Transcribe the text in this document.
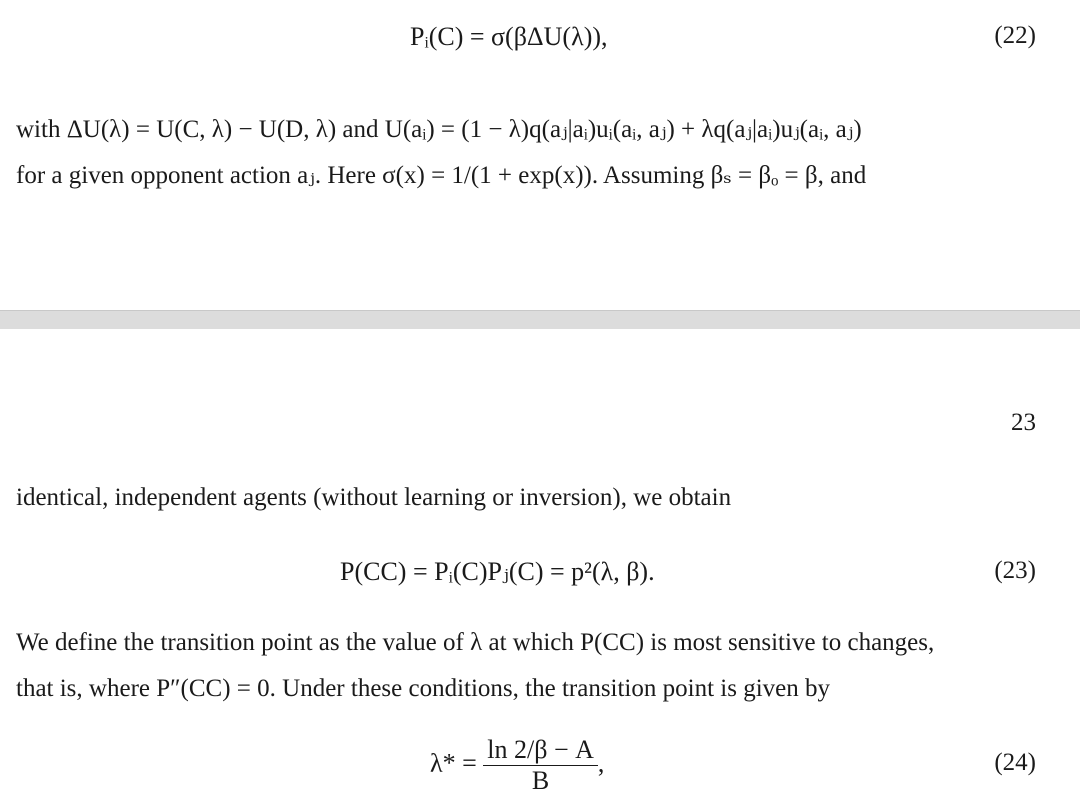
Pᵢ(C) = σ(βΔU(λ)),	(22)
with ΔU(λ) = U(C, λ) − U(D, λ) and U(aᵢ) = (1 − λ)q(aⱼ|aᵢ)uᵢ(aᵢ, aⱼ) + λq(aⱼ|aᵢ)uⱼ(aᵢ, aⱼ)
for a given opponent action aⱼ. Here σ(x) = 1/(1 + exp(x)). Assuming βₛ = βₒ = β, and
23
identical, independent agents (without learning or inversion), we obtain
P(CC) = Pᵢ(C)Pⱼ(C) = p²(λ, β).	(23)
We define the transition point as the value of λ at which P(CC) is most sensitive to changes,
that is, where P″(CC) = 0. Under these conditions, the transition point is given by
$\lambda* = \frac{\ln 2/\beta - A}{B}$ ,	(24)
